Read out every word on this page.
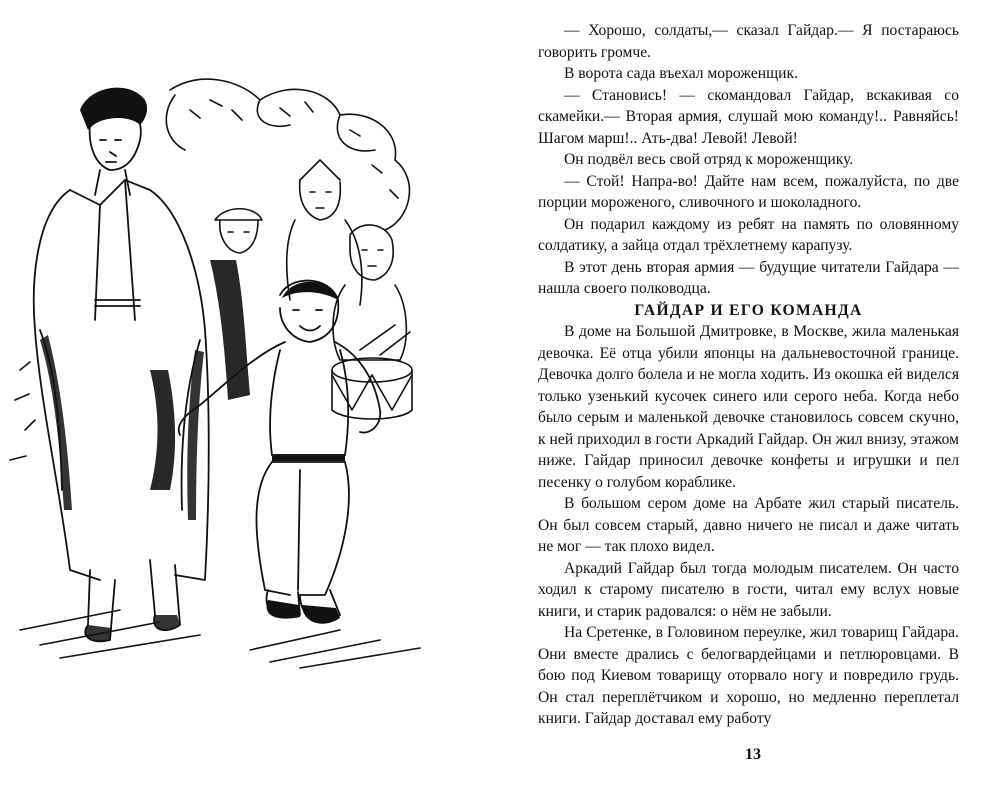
— Хорошо, солдаты,— сказал Гайдар.— Я постараюсь говорить громче.

В ворота сада въехал мороженщик.

— Становись! — скомандовал Гайдар, вскакивая со скамейки.— Вторая армия, слушай мою команду!.. Равняйсь! Шагом марш!.. Ать-два! Левой! Левой!

Он подвёл весь свой отряд к мороженщику.

— Стой! Напра-во! Дайте нам всем, пожалуйста, по две порции мороженого, сливочного и шоколадного.

Он подарил каждому из ребят на память по оловянному солдатику, а зайца отдал трёхлетнему карапузу.

В этот день вторая армия — будущие читатели Гайдара — нашла своего полководца.

ГАЙДАР И ЕГО КОМАНДА

В доме на Большой Дмитровке, в Москве, жила маленькая девочка. Её отца убили японцы на дальневосточной границе. Девочка долго болела и не могла ходить. Из окошка ей виделся только узенький кусочек синего или серого неба. Когда небо было серым и маленькой девочке становилось совсем скучно, к ней приходил в гости Аркадий Гайдар. Он жил внизу, этажом ниже. Гайдар приносил девочке конфеты и игрушки и пел песенку о голубом кораблике.

В большом сером доме на Арбате жил старый писатель. Он был совсем старый, давно ничего не писал и даже читать не мог — так плохо видел.

Аркадий Гайдар был тогда молодым писателем. Он часто ходил к старому писателю в гости, читал ему вслух новые книги, и старик радовался: о нём не забыли.

На Сретенке, в Головином переулке, жил товарищ Гайдара. Они вместе дрались с белогвардейцами и петлюровцами. В бою под Киевом товарищу оторвало ногу и повредило грудь. Он стал переплётчиком и хорошо, но медленно переплетал книги. Гайдар доставал ему работу

13
